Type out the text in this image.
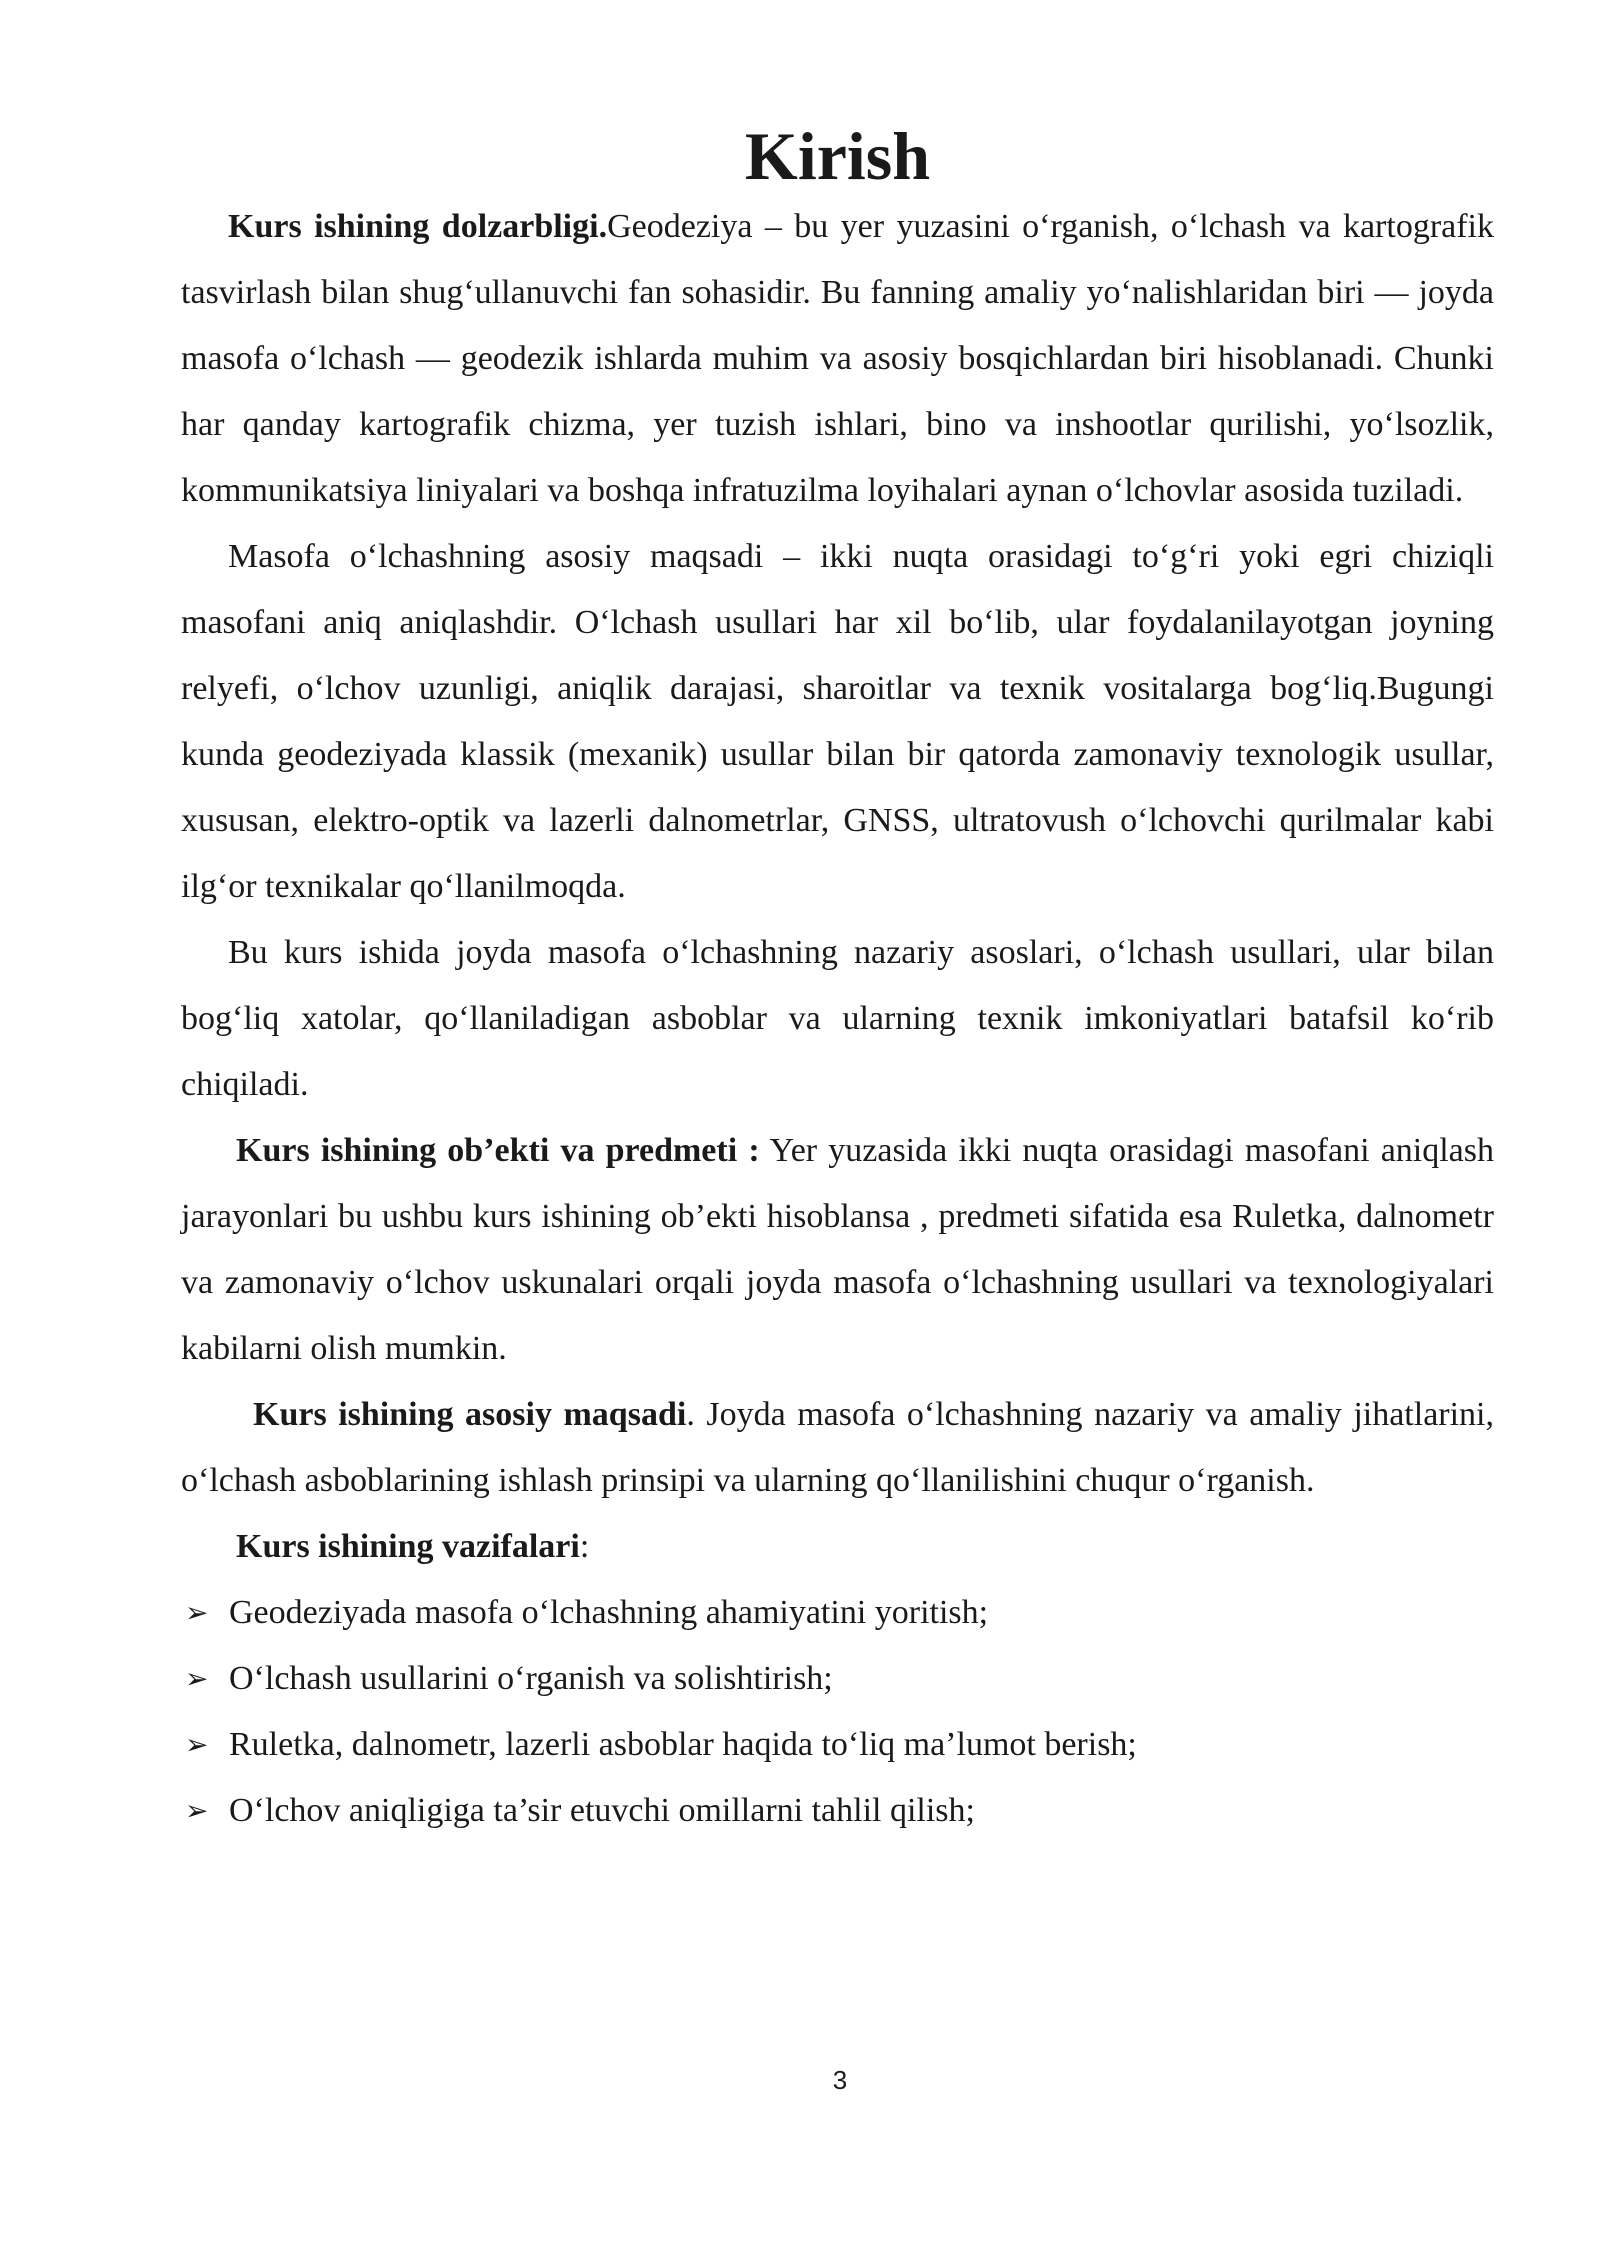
Kirish

Kurs ishining dolzarbligi.Geodeziya – bu yer yuzasini o‘rganish, o‘lchash va kartografik tasvirlash bilan shug‘ullanuvchi fan sohasidir. Bu fanning amaliy yo‘nalishlaridan biri — joyda masofa o‘lchash — geodezik ishlarda muhim va asosiy bosqichlardan biri hisoblanadi. Chunki har qanday kartografik chizma, yer tuzish ishlari, bino va inshootlar qurilishi, yo‘lsozlik, kommunikatsiya liniyalari va boshqa infratuzilma loyihalari aynan o‘lchovlar asosida tuziladi.

Masofa o‘lchashning asosiy maqsadi – ikki nuqta orasidagi to‘g‘ri yoki egri chiziqli masofani aniq aniqlashdir. O‘lchash usullari har xil bo‘lib, ular foydalanilayotgan joyning relyefi, o‘lchov uzunligi, aniqlik darajasi, sharoitlar va texnik vositalarga bog‘liq.Bugungi kunda geodeziyada klassik (mexanik) usullar bilan bir qatorda zamonaviy texnologik usullar, xususan, elektro-optik va lazerli dalnometrlar, GNSS, ultratovush o‘lchovchi qurilmalar kabi ilg‘or texnikalar qo‘llanilmoqda.

Bu kurs ishida joyda masofa o‘lchashning nazariy asoslari, o‘lchash usullari, ular bilan bog‘liq xatolar, qo‘llaniladigan asboblar va ularning texnik imkoniyatlari batafsil ko‘rib chiqiladi.

Kurs ishining ob’ekti va predmeti : Yer yuzasida ikki nuqta orasidagi masofani aniqlash jarayonlari bu ushbu kurs ishining ob’ekti hisoblansa , predmeti sifatida esa Ruletka, dalnometr va zamonaviy o‘lchov uskunalari orqali joyda masofa o‘lchashning usullari va texnologiyalari kabilarni olish mumkin.

Kurs ishining asosiy maqsadi. Joyda masofa o‘lchashning nazariy va amaliy jihatlarini, o‘lchash asboblarining ishlash prinsipi va ularning qo‘llanilishini chuqur o‘rganish.

Kurs ishining vazifalari:

➢ Geodeziyada masofa o‘lchashning ahamiyatini yoritish;
➢ O‘lchash usullarini o‘rganish va solishtirish;
➢ Ruletka, dalnometr, lazerli asboblar haqida to‘liq ma’lumot berish;
➢ O‘lchov aniqligiga ta’sir etuvchi omillarni tahlil qilish;
3
